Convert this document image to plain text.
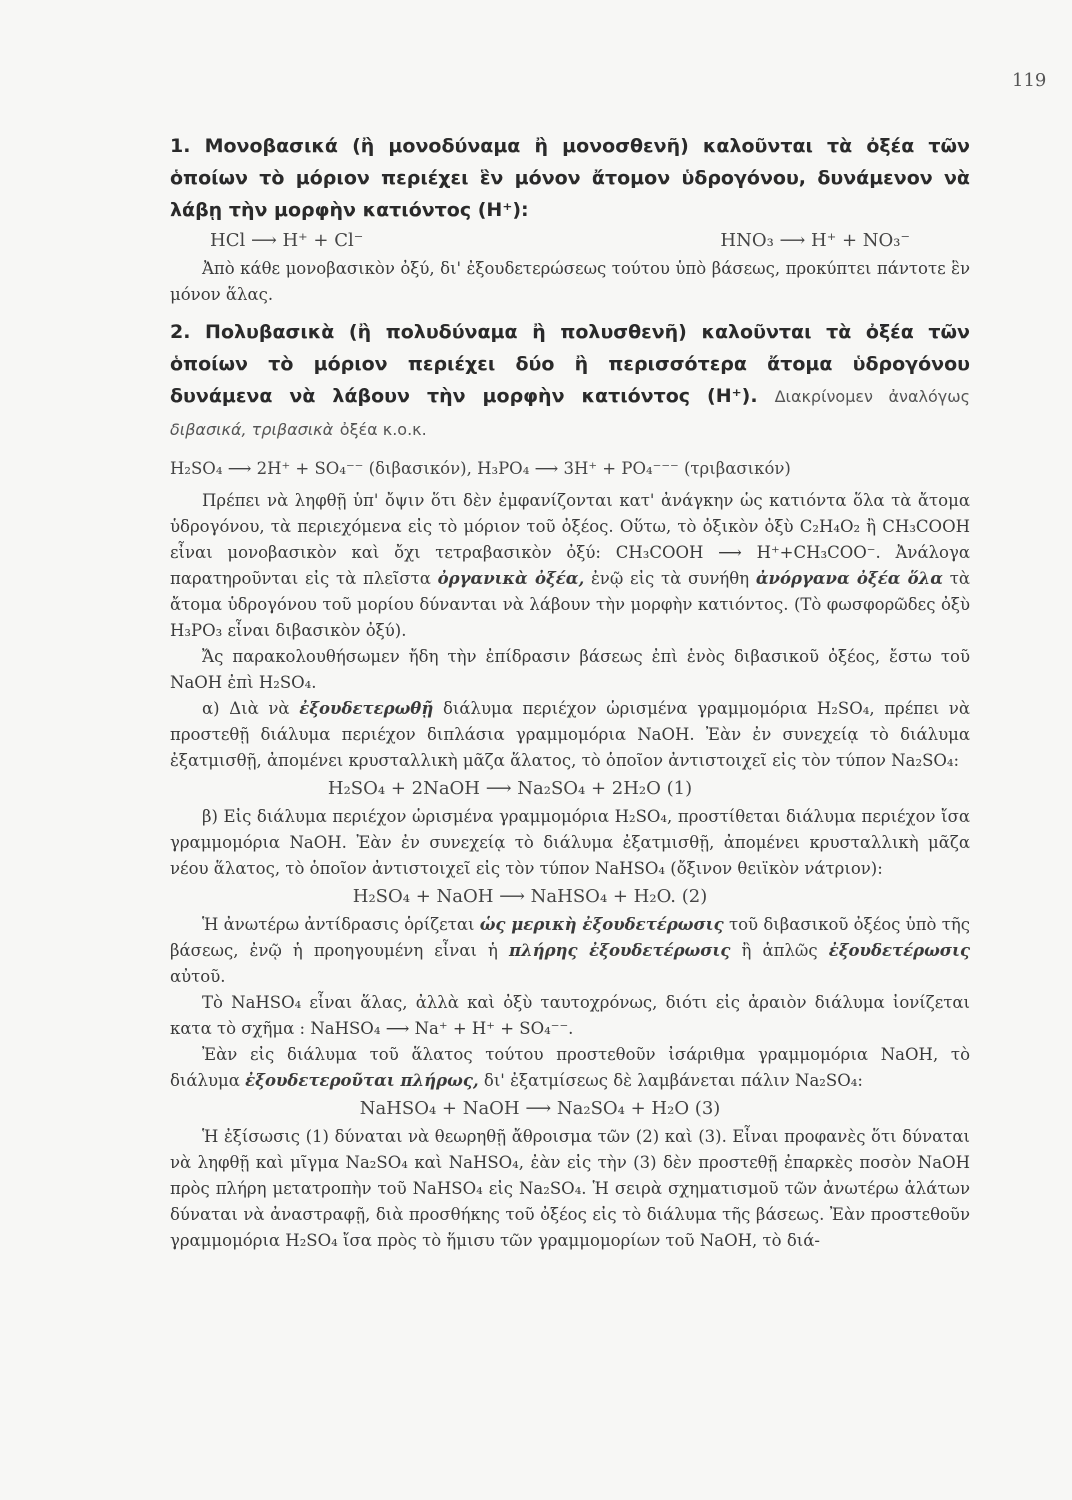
119

1. Μονοβασικά (ἢ μονοδύναμα ἢ μονοσθενῆ) καλοῦνται τὰ ὀξέα τῶν ὁποίων τὸ μόριον περιέχει ἓν μόνον ἄτομον ὑδρογόνου, δυνάμενον νὰ λάβῃ τὴν μορφὴν κατιόντος (H⁺):

HCl ⟶ H⁺ + Cl⁻	HNO₃ ⟶ H⁺ + NO₃⁻

Ἀπὸ κάθε μονοβασικὸν ὀξύ, δι' ἐξουδετερώσεως τούτου ὑπὸ βάσεως, προκύπτει πάντοτε ἓν μόνον ἅλας.

2. Πολυβασικὰ (ἢ πολυδύναμα ἢ πολυσθενῆ) καλοῦνται τὰ ὀξέα τῶν ὁποίων τὸ μόριον περιέχει δύο ἢ περισσότερα ἄτομα ὑδρογόνου δυνάμενα νὰ λάβουν τὴν μορφὴν κατιόντος (H⁺). Διακρίνομεν ἀναλόγως διβασικά, τριβασικὰ ὀξέα κ.ο.κ.

H₂SO₄ ⟶ 2H⁺ + SO₄⁻⁻ (διβασικόν), H₃PO₄ ⟶ 3H⁺ + PO₄⁻⁻⁻ (τριβασικόν)

Πρέπει νὰ ληφθῇ ὑπ' ὄψιν ὅτι δὲν ἐμφανίζονται κατ' ἀνάγκην ὡς κατιόντα ὅλα τὰ ἄτομα ὑδρογόνου, τὰ περιεχόμενα εἰς τὸ μόριον τοῦ ὀξέος. Οὕτω, τὸ ὀξικὸν ὀξὺ C₂H₄O₂ ἢ CH₃COOH εἶναι μονοβασικὸν καὶ ὄχι τετραβασικὸν ὀξύ: CH₃COOH ⟶ H⁺+CH₃COO⁻. Ἀνάλογα παρατηροῦνται εἰς τὰ πλεῖστα ὀργανικὰ ὀξέα, ἐνῷ εἰς τὰ συνήθη ἀνόργανα ὀξέα ὅλα τὰ ἄτομα ὑδρογόνου τοῦ μορίου δύνανται νὰ λάβουν τὴν μορφὴν κατιόντος. (Τὸ φωσφορῶδες ὀξὺ H₃PO₃ εἶναι διβασικὸν ὀξύ).

Ἄς παρακολουθήσωμεν ἤδη τὴν ἐπίδρασιν βάσεως ἐπὶ ἑνὸς διβασικοῦ ὀξέος, ἔστω τοῦ NaOH ἐπὶ H₂SO₄.

α) Διὰ νὰ ἐξουδετερωθῇ διάλυμα περιέχον ὡρισμένα γραμμομόρια H₂SO₄, πρέπει νὰ προστεθῇ διάλυμα περιέχον διπλάσια γραμμομόρια NaOH. Ἐὰν ἐν συνεχείᾳ τὸ διάλυμα ἐξατμισθῇ, ἀπομένει κρυσταλλικὴ μᾶζα ἅλατος, τὸ ὁποῖον ἀντιστοιχεῖ εἰς τὸν τύπον Na₂SO₄:

H₂SO₄ + 2NaOH ⟶ Na₂SO₄ + 2H₂O (1)

β) Εἰς διάλυμα περιέχον ὡρισμένα γραμμομόρια H₂SO₄, προστίθεται διάλυμα περιέχον ἴσα γραμμομόρια NaOH. Ἐὰν ἐν συνεχείᾳ τὸ διάλυμα ἐξατμισθῇ, ἀπομένει κρυσταλλικὴ μᾶζα νέου ἅλατος, τὸ ὁποῖον ἀντιστοιχεῖ εἰς τὸν τύπον NaHSO₄ (ὄξινον θειϊκὸν νάτριον):

H₂SO₄ + NaOH ⟶ NaHSO₄ + H₂O. (2)

Ἡ ἀνωτέρω ἀντίδρασις ὁρίζεται ὡς μερικὴ ἐξουδετέρωσις τοῦ διβασικοῦ ὀξέος ὑπὸ τῆς βάσεως, ἐνῷ ἡ προηγουμένη εἶναι ἡ πλήρης ἐξουδετέρωσις ἢ ἁπλῶς ἐξουδετέρωσις αὐτοῦ.

Τὸ NaHSO₄ εἶναι ἅλας, ἀλλὰ καὶ ὀξὺ ταυτοχρόνως, διότι εἰς ἀραιὸν διάλυμα ἰονίζεται κατα τὸ σχῆμα : NaHSO₄ ⟶ Na⁺ + H⁺ + SO₄⁻⁻.

Ἐὰν εἰς διάλυμα τοῦ ἅλατος τούτου προστεθοῦν ἰσάριθμα γραμμομόρια NaOH, τὸ διάλυμα ἐξουδετεροῦται πλήρως, δι' ἐξατμίσεως δὲ λαμβάνεται πάλιν Na₂SO₄:

NaHSO₄ + NaOH ⟶ Na₂SO₄ + H₂O (3)

Ἡ ἐξίσωσις (1) δύναται νὰ θεωρηθῇ ἄθροισμα τῶν (2) καὶ (3). Εἶναι προφανὲς ὅτι δύναται νὰ ληφθῇ καὶ μῖγμα Na₂SO₄ καὶ NaHSO₄, ἐὰν εἰς τὴν (3) δὲν προστεθῇ ἐπαρκὲς ποσὸν NaOH πρὸς πλήρη μετατροπὴν τοῦ NaHSO₄ εἰς Na₂SO₄. Ἡ σειρὰ σχηματισμοῦ τῶν ἀνωτέρω ἁλάτων δύναται νὰ ἀναστραφῇ, διὰ προσθήκης τοῦ ὀξέος εἰς τὸ διάλυμα τῆς βάσεως. Ἐὰν προστεθοῦν γραμμομόρια H₂SO₄ ἴσα πρὸς τὸ ἥμισυ τῶν γραμμομορίων τοῦ NaOH, τὸ διά-
